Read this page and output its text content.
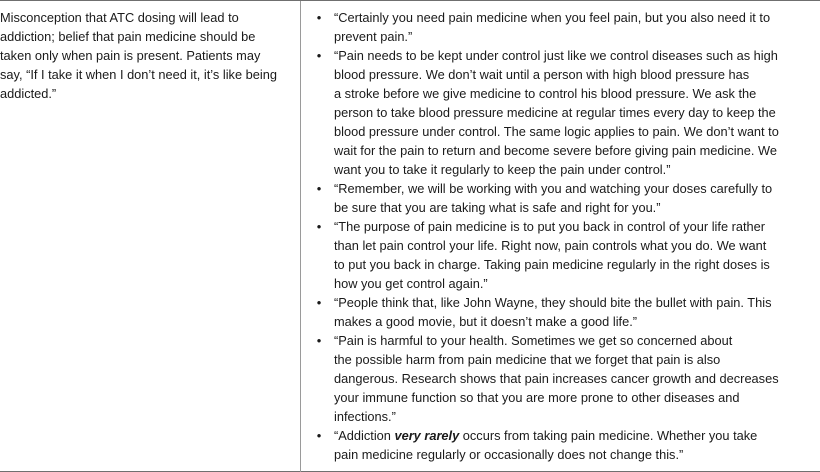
Misconception that ATC dosing will lead to
addiction; belief that pain medicine should be
taken only when pain is present. Patients may
say, “If I take it when I don’t need it, it’s like being
addicted.”
• “Certainly you need pain medicine when you feel pain, but you also need it to
prevent pain.”
• “Pain needs to be kept under control just like we control diseases such as high
blood pressure. We don’t wait until a person with high blood pressure has
a stroke before we give medicine to control his blood pressure. We ask the
person to take blood pressure medicine at regular times every day to keep the
blood pressure under control. The same logic applies to pain. We don’t want to
wait for the pain to return and become severe before giving pain medicine. We
want you to take it regularly to keep the pain under control.”
• “Remember, we will be working with you and watching your doses carefully to
be sure that you are taking what is safe and right for you.”
• “The purpose of pain medicine is to put you back in control of your life rather
than let pain control your life. Right now, pain controls what you do. We want
to put you back in charge. Taking pain medicine regularly in the right doses is
how you get control again.”
• “People think that, like John Wayne, they should bite the bullet with pain. This
makes a good movie, but it doesn’t make a good life.”
• “Pain is harmful to your health. Sometimes we get so concerned about
the possible harm from pain medicine that we forget that pain is also
dangerous. Research shows that pain increases cancer growth and decreases
your immune function so that you are more prone to other diseases and
infections.”
• “Addiction very rarely occurs from taking pain medicine. Whether you take
pain medicine regularly or occasionally does not change this.”
